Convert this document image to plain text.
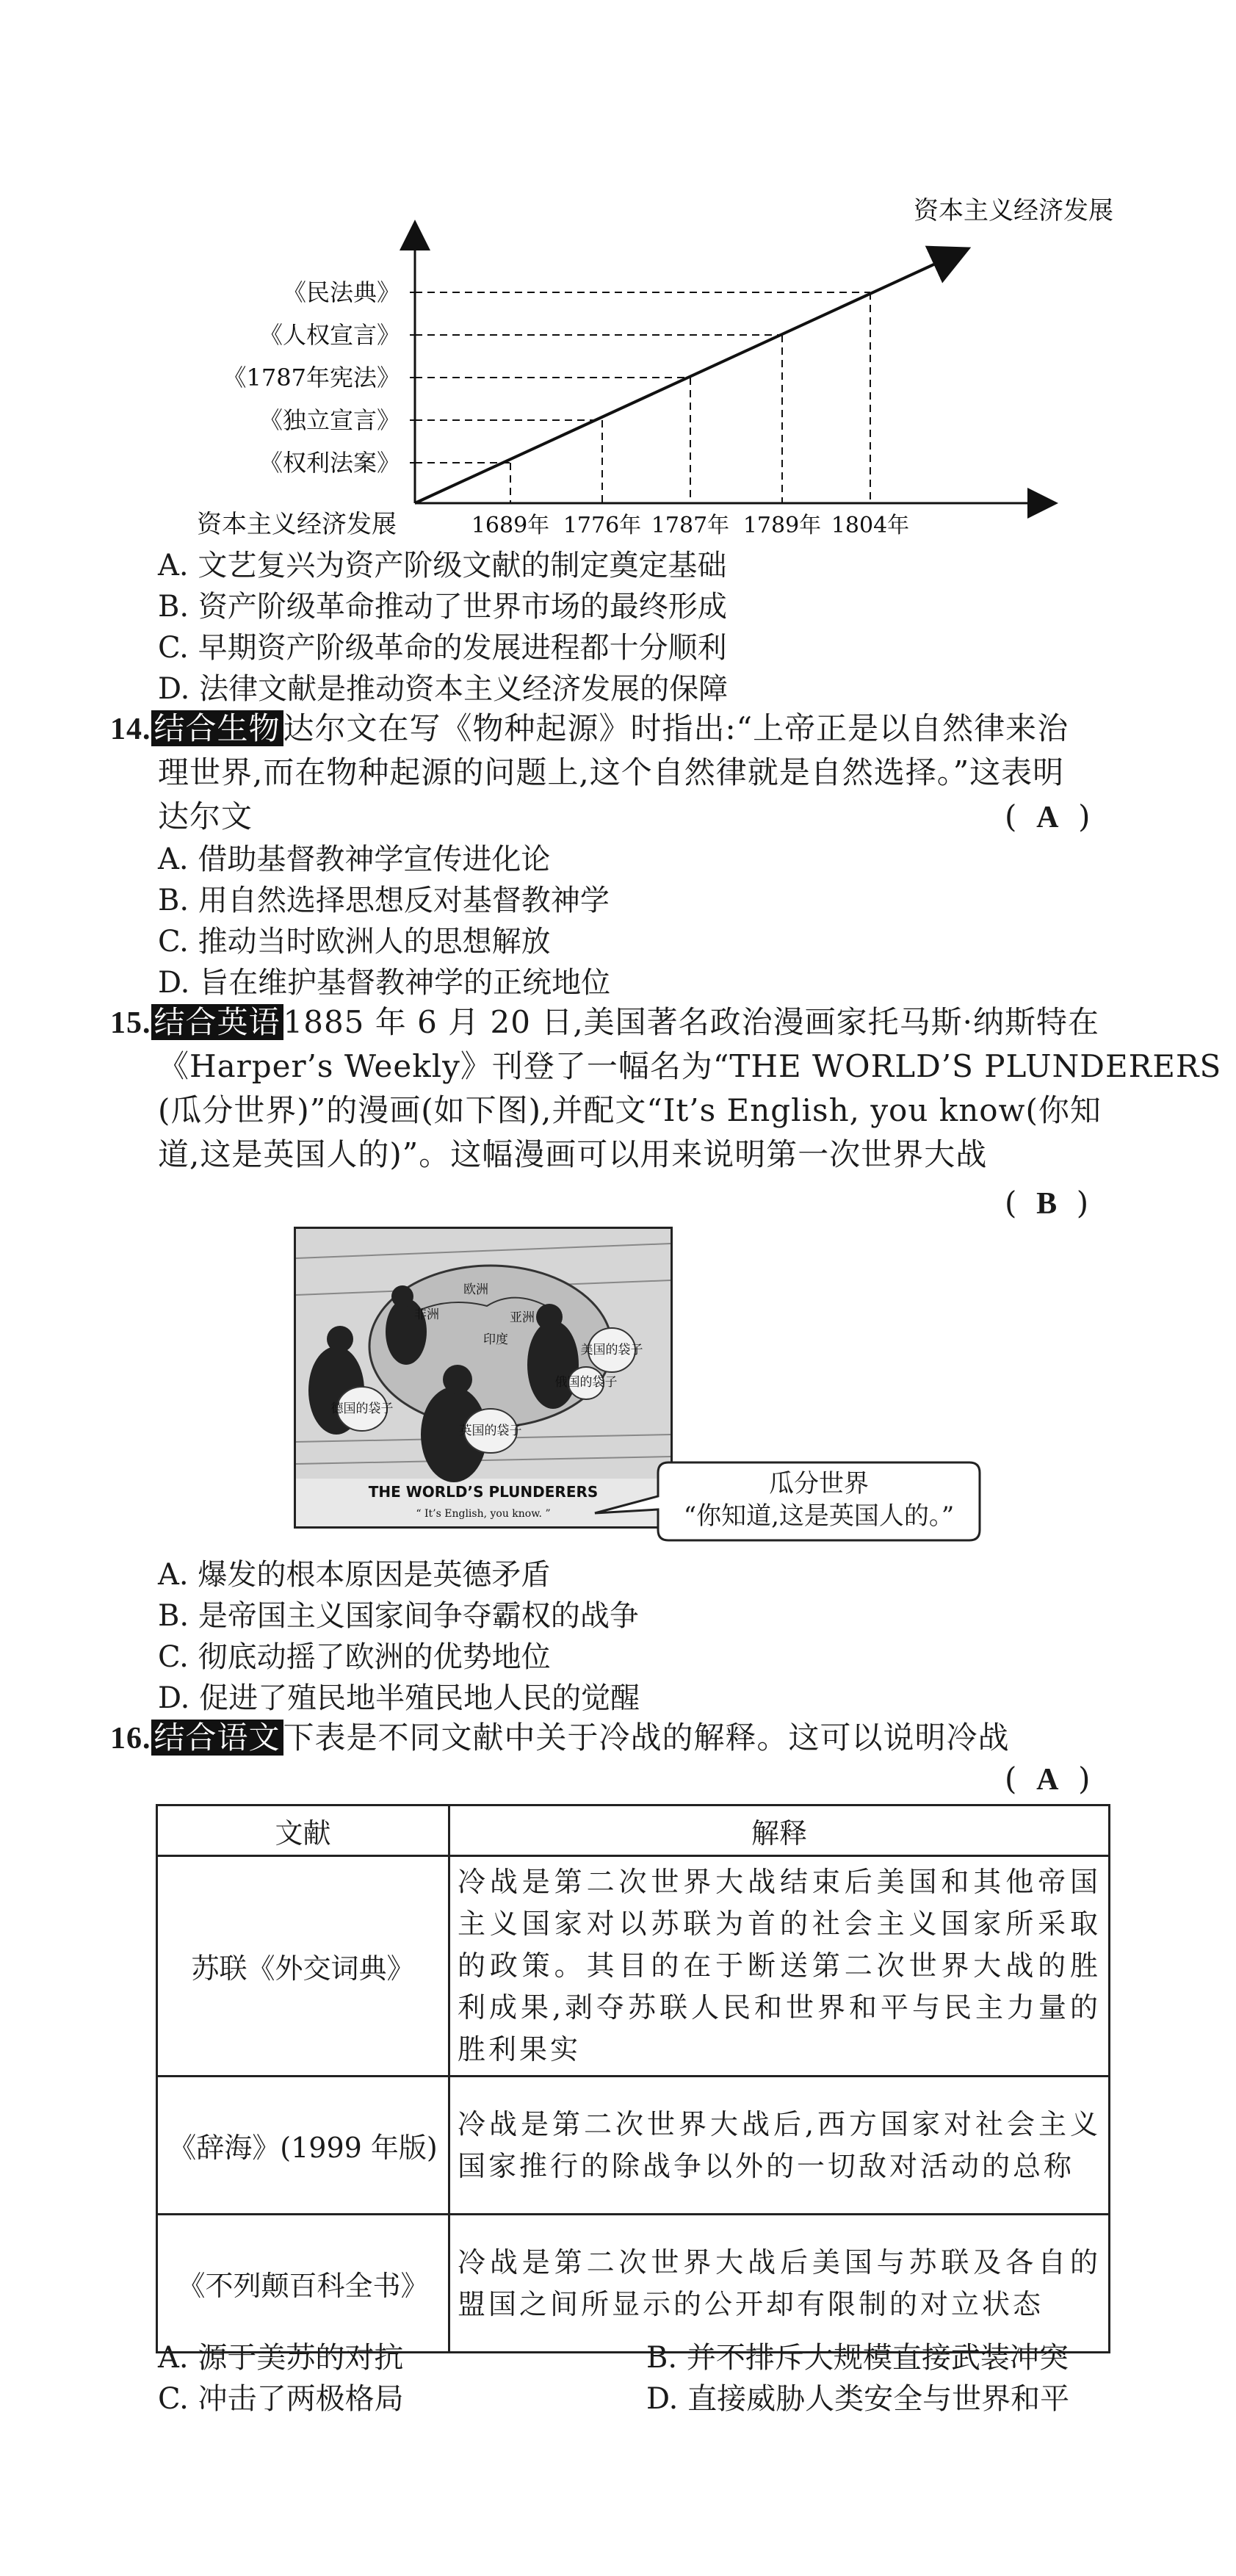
资本主义经济发展
资本主义经济发展	1689年
《权利法案》
1776年
《独立宣言》
1787年
《1787年宪法》
1789年
《人权宣言》
1804年
《民法典》
A. 文艺复兴为资产阶级文献的制定奠定基础
B. 资产阶级革命推动了世界市场的最终形成
C. 早期资产阶级革命的发展进程都十分顺利
D. 法律文献是推动资本主义经济发展的保障
14.结合生物达尔文在写《物种起源》时指出:“上帝正是以自然律来治
理世界,而在物种起源的问题上,这个自然律就是自然选择。”这表明
达尔文	(  A  )
A. 借助基督教神学宣传进化论
B. 用自然选择思想反对基督教神学
C. 推动当时欧洲人的思想解放
D. 旨在维护基督教神学的正统地位
15.结合英语1885 年 6 月 20 日,美国著名政治漫画家托马斯·纳斯特在
《Harper’s Weekly》刊登了一幅名为“THE WORLD’S PLUNDERERS
(瓜分世界)”的漫画(如下图),并配文“It’s English, you know(你知
道,这是英国人的)”。这幅漫画可以用来说明第一次世界大战
(  B  )
欧洲
非洲	亚洲
印度
美国的袋子
俄国的袋子
德国的袋子
英国的袋子
THE WORLD’S PLUNDERERS
“ It’s English, you know. ”
瓜分世界
“你知道,这是英国人的。”
A. 爆发的根本原因是英德矛盾
B. 是帝国主义国家间争夺霸权的战争
C. 彻底动摇了欧洲的优势地位
D. 促进了殖民地半殖民地人民的觉醒
16.结合语文下表是不同文献中关于冷战的解释。这可以说明冷战
(  A  )
文献	解释
苏联《外交词典》	冷战是第二次世界大战结束后美国和其他帝国主义国家对以苏联为首的社会主义国家所采取的政策。其目的在于断送第二次世界大战的胜利成果,剥夺苏联人民和世界和平与民主力量的胜利果实
《辞海》(1999 年版)	冷战是第二次世界大战后,西方国家对社会主义国家推行的除战争以外的一切敌对活动的总称
《不列颠百科全书》	冷战是第二次世界大战后美国与苏联及各自的盟国之间所显示的公开却有限制的对立状态
A. 源于美苏的对抗	B. 并不排斥大规模直接武装冲突
C. 冲击了两极格局	D. 直接威胁人类安全与世界和平
